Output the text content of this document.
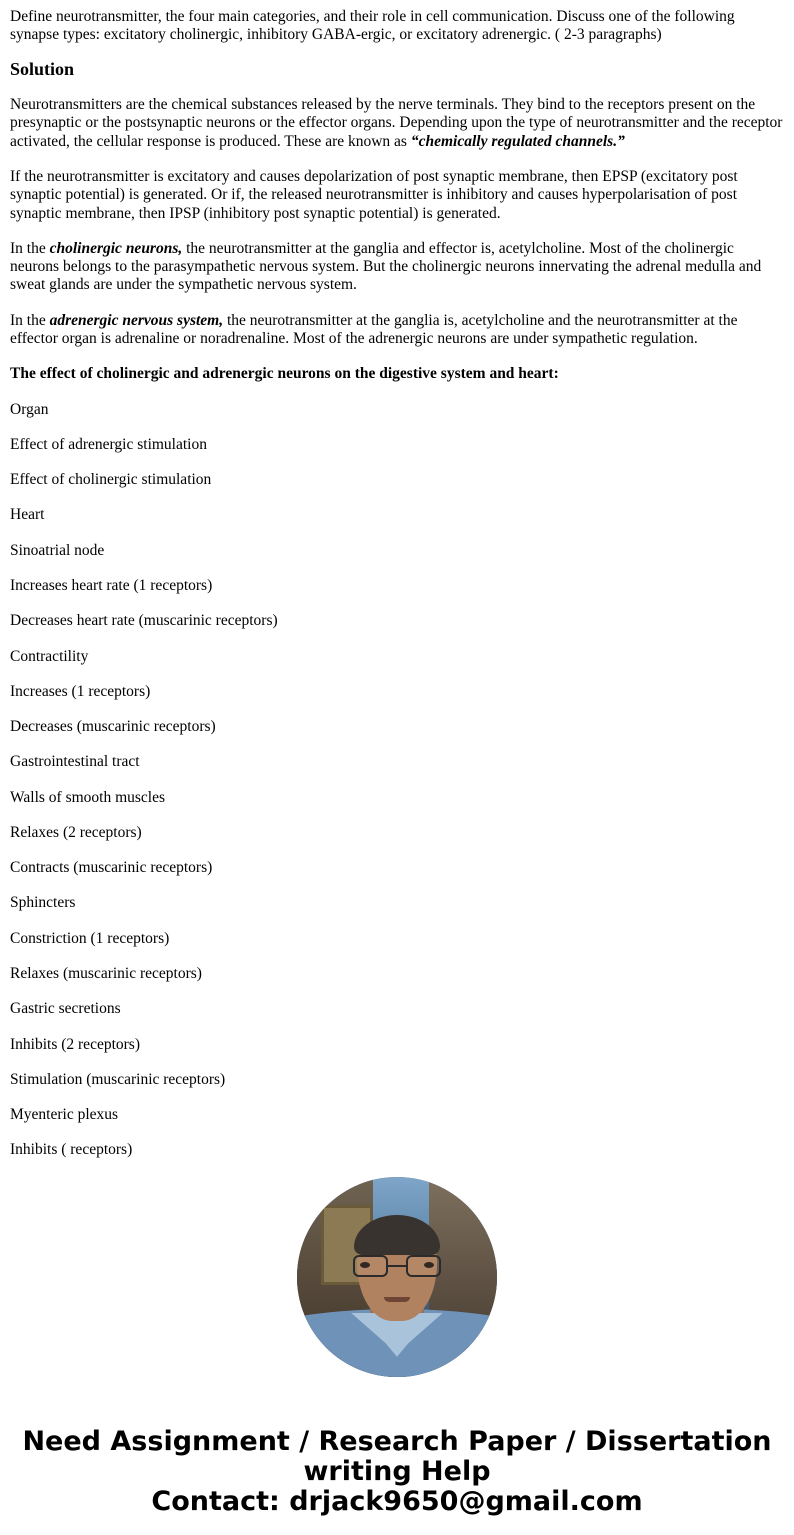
Define neurotransmitter, the four main categories, and their role in cell communication. Discuss one of the following synapse types: excitatory cholinergic, inhibitory GABA-ergic, or excitatory adrenergic. ( 2-3 paragraphs)

Solution

Neurotransmitters are the chemical substances released by the nerve terminals. They bind to the receptors present on the presynaptic or the postsynaptic neurons or the effector organs. Depending upon the type of neurotransmitter and the receptor activated, the cellular response is produced. These are known as “chemically regulated channels.”

If the neurotransmitter is excitatory and causes depolarization of post synaptic membrane, then EPSP (excitatory post synaptic potential) is generated. Or if, the released neurotransmitter is inhibitory and causes hyperpolarisation of post synaptic membrane, then IPSP (inhibitory post synaptic potential) is generated.

In the cholinergic neurons, the neurotransmitter at the ganglia and effector is, acetylcholine. Most of the cholinergic neurons belongs to the parasympathetic nervous system. But the cholinergic neurons innervating the adrenal medulla and sweat glands are under the sympathetic nervous system.

In the adrenergic nervous system, the neurotransmitter at the ganglia is, acetylcholine and the neurotransmitter at the effector organ is adrenaline or noradrenaline. Most of the adrenergic neurons are under sympathetic regulation.

The effect of cholinergic and adrenergic neurons on the digestive system and heart:

Organ

Effect of adrenergic stimulation

Effect of cholinergic stimulation

Heart

Sinoatrial node

Increases heart rate (1 receptors)

Decreases heart rate (muscarinic receptors)

Contractility

Increases (1 receptors)

Decreases (muscarinic receptors)

Gastrointestinal tract

Walls of smooth muscles

Relaxes (2 receptors)

Contracts (muscarinic receptors)

Sphincters

Constriction (1 receptors)

Relaxes (muscarinic receptors)

Gastric secretions

Inhibits (2 receptors)

Stimulation (muscarinic receptors)

Myenteric plexus

Inhibits ( receptors)

Need Assignment / Research Paper / Dissertation writing Help

Contact: drjack9650@gmail.com
